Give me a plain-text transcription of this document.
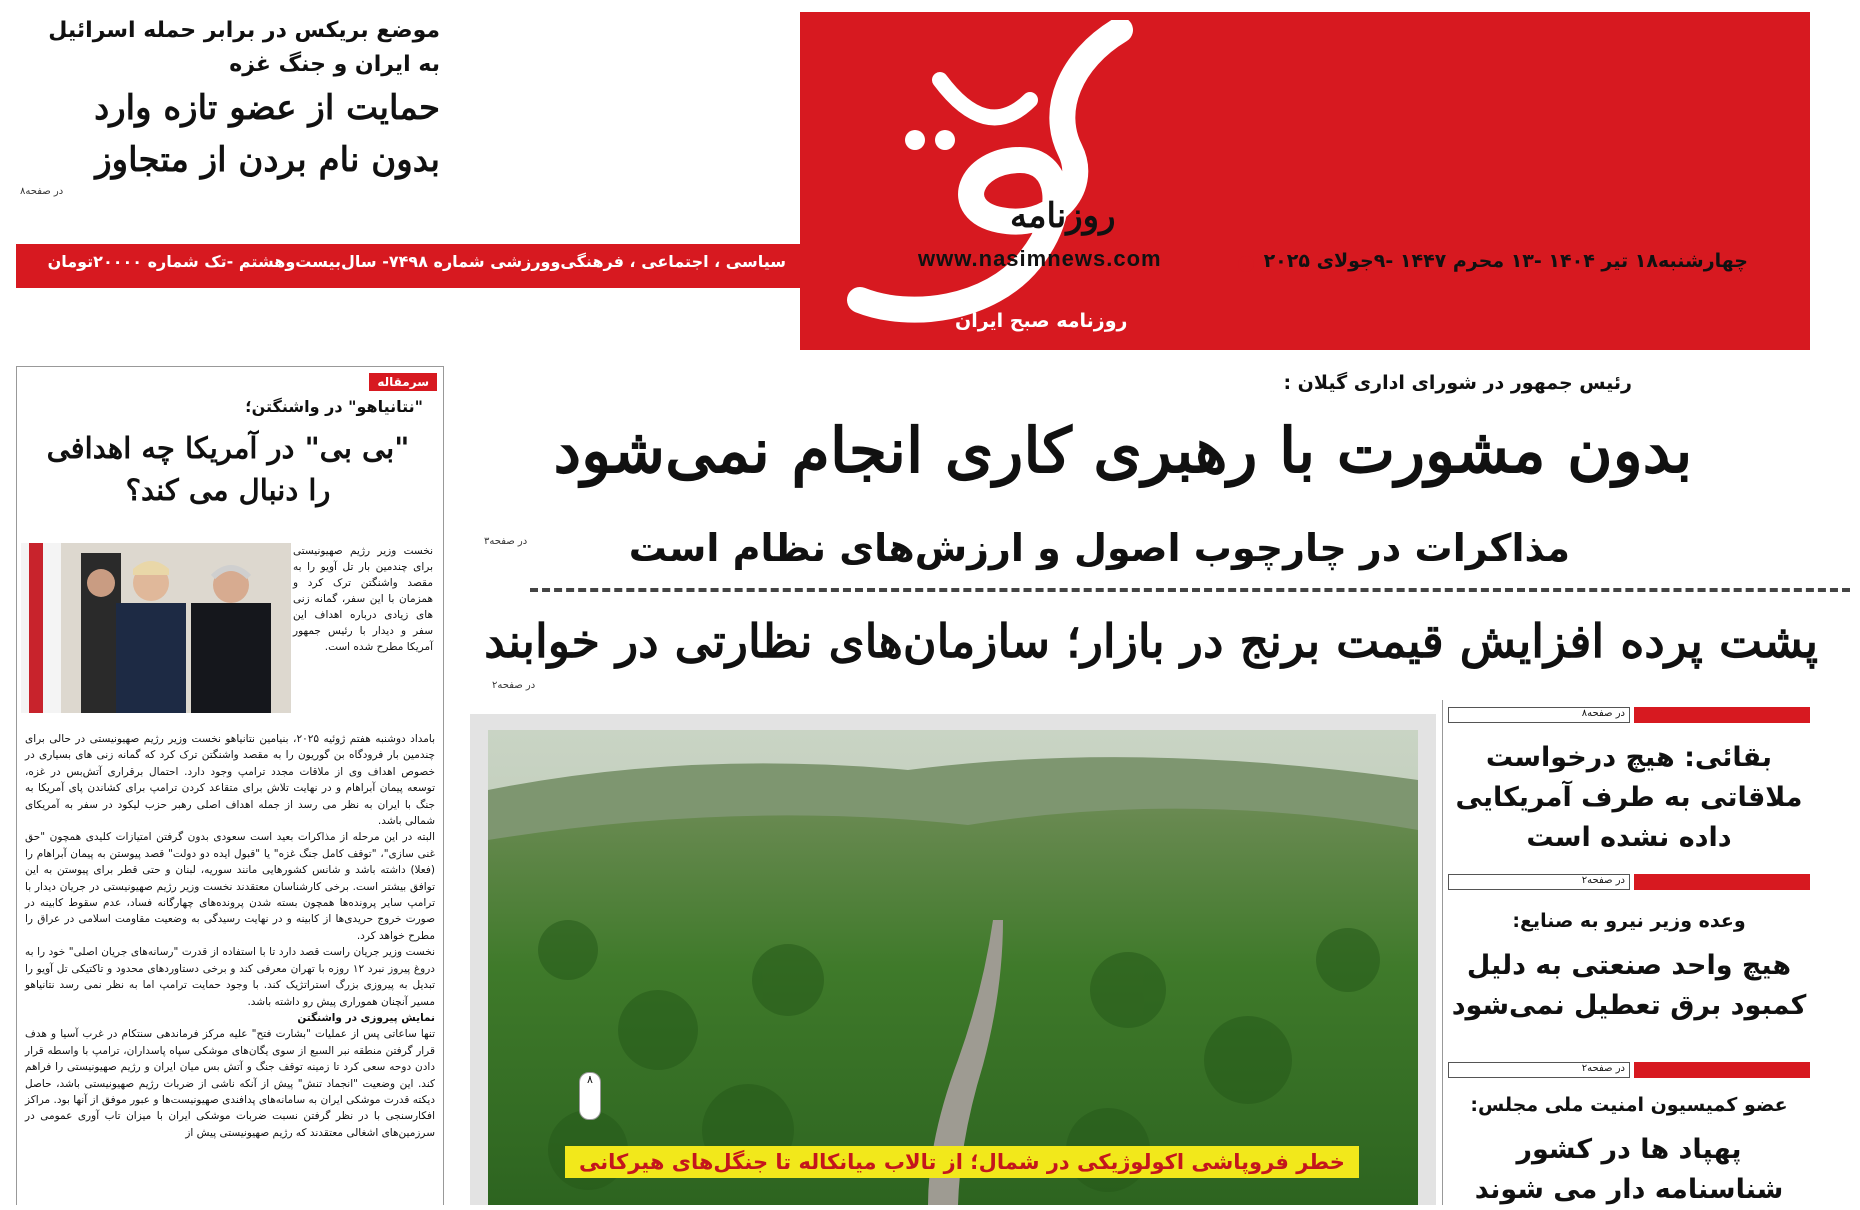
روزنامه
چهارشنبه۱۸ تیر ۱۴۰۴ -۱۳ محرم ۱۴۴۷ -۹جولای ۲۰۲۵
www.nasimnews.com
سیاسی ، اجتماعی ، فرهنگی‌وورزشی شماره ۷۴۹۸- سال‌بیست‌وهشتم -تک شماره ۲۰۰۰۰تومان
روزنامه صبح ایران
موضع بریکس در برابر حمله اسرائیل
به ایران و جنگ غزه
حمایت از عضو تازه وارد
بدون نام بردن از متجاوز
در صفحه۸
سرمقاله
"نتانیاهو" در واشنگتن؛
"بی بی" در آمریکا چه اهدافی را دنبال می کند؟
نخست وزیر رژیم صهیونیستی برای چندمین بار تل آویو را به مقصد واشنگتن ترک کرد و همزمان با این سفر، گمانه زنی های زیادی درباره اهداف این سفر و دیدار با رئیس جمهور آمریکا مطرح شده است.
بامداد دوشنبه هفتم ژوئیه ۲۰۲۵، بنیامین نتانیاهو نخست وزیر رژیم صهیونیستی در حالی برای چندمین بار فرودگاه بن گوریون را به مقصد واشنگتن ترک کرد که گمانه زنی های بسیاری در خصوص اهداف وی از ملاقات مجدد ترامپ وجود دارد. احتمال برقراری آتش‌بس در غزه، توسعه پیمان آبراهام و در نهایت تلاش برای متقاعد کردن ترامپ برای کشاندن پای آمریکا به جنگ با ایران به نظر می رسد از جمله اهداف اصلی رهبر حزب لیکود در سفر به آمریکای شمالی باشد.
البته در این مرحله از مذاکرات بعید است سعودی بدون گرفتن امتیازات کلیدی همچون "حق غنی سازی"، "توقف کامل جنگ غزه" یا "قبول ایده دو دولت" قصد پیوستن به پیمان آبراهام را (فعلا) داشته باشد و شانس کشورهایی مانند سوریه، لبنان و حتی قطر برای پیوستن به این توافق بیشتر است. برخی کارشناسان معتقدند نخست وزیر رژیم صهیونیستی در جریان دیدار با ترامپ سایر پرونده‌ها همچون بسته شدن پرونده‌های چهارگانه فساد، عدم سقوط کابینه در صورت خروج حریدی‌ها از کابینه و در نهایت رسیدگی به وضعیت مقاومت اسلامی در عراق را مطرح خواهد کرد.
نخست وزیر جریان راست قصد دارد تا با استفاده از قدرت "رسانه‌های جریان اصلی" خود را به دروغ پیروز نبرد ۱۲ روزه با تهران معرفی کند و برخی دستاوردهای محدود و تاکتیکی تل آویو را تبدیل به پیروزی بزرگ استراتژیک کند. با وجود حمایت ترامپ اما به نظر نمی رسد نتانیاهو مسیر آنچنان هموراری پیش رو داشته باشد.
نمایش پیروزی در واشنگتن
تنها ساعاتی پس از عملیات "بشارت فتح" علیه مرکز فرماندهی سنتکام در غرب آسیا و هدف قرار گرفتن منطقه نبر السبع از سوی یگان‌های موشکی سپاه پاسداران، ترامپ با واسطه قرار دادن دوحه سعی کرد تا زمینه توقف جنگ و آتش بس میان ایران و رژیم صهیونیستی را فراهم کند. این وضعیت "انجماد تنش" پیش از آنکه ناشی از ضربات رژیم صهیونیستی باشد، حاصل دیکته قدرت موشکی ایران به سامانه‌های پدافندی صهیونیست‌ها و عبور موفق از آنها بود. مراکز افکارسنجی با در نظر گرفتن نسبت ضربات موشکی ایران با میزان تاب آوری عمومی در سرزمین‌های اشغالی معتقدند که رژیم صهیونیستی پیش از
رئیس جمهور در شورای اداری گیلان :
بدون مشورت با رهبری کاری انجام نمی‌شود
در صفحه۳	مذاکرات در چارچوب اصول و ارزش‌های نظام است
پشت پرده افزایش قیمت برنج در بازار؛ سازمان‌های نظارتی در خوابند
در صفحه۲
۸
خطر فروپاشی اکولوژیکی در شمال؛ از تالاب میانکاله تا جنگل‌های هیرکانی
در صفحه۸
بقائی: هیچ درخواست ملاقاتی به طرف آمریکایی داده نشده است
در صفحه۲
وعده وزیر نیرو به صنایع:
هیچ واحد صنعتی به دلیل کمبود برق تعطیل نمی‌شود
در صفحه۲
عضو کمیسیون امنیت ملی مجلس:
پهپاد ها در کشور شناسنامه دار می شوند
